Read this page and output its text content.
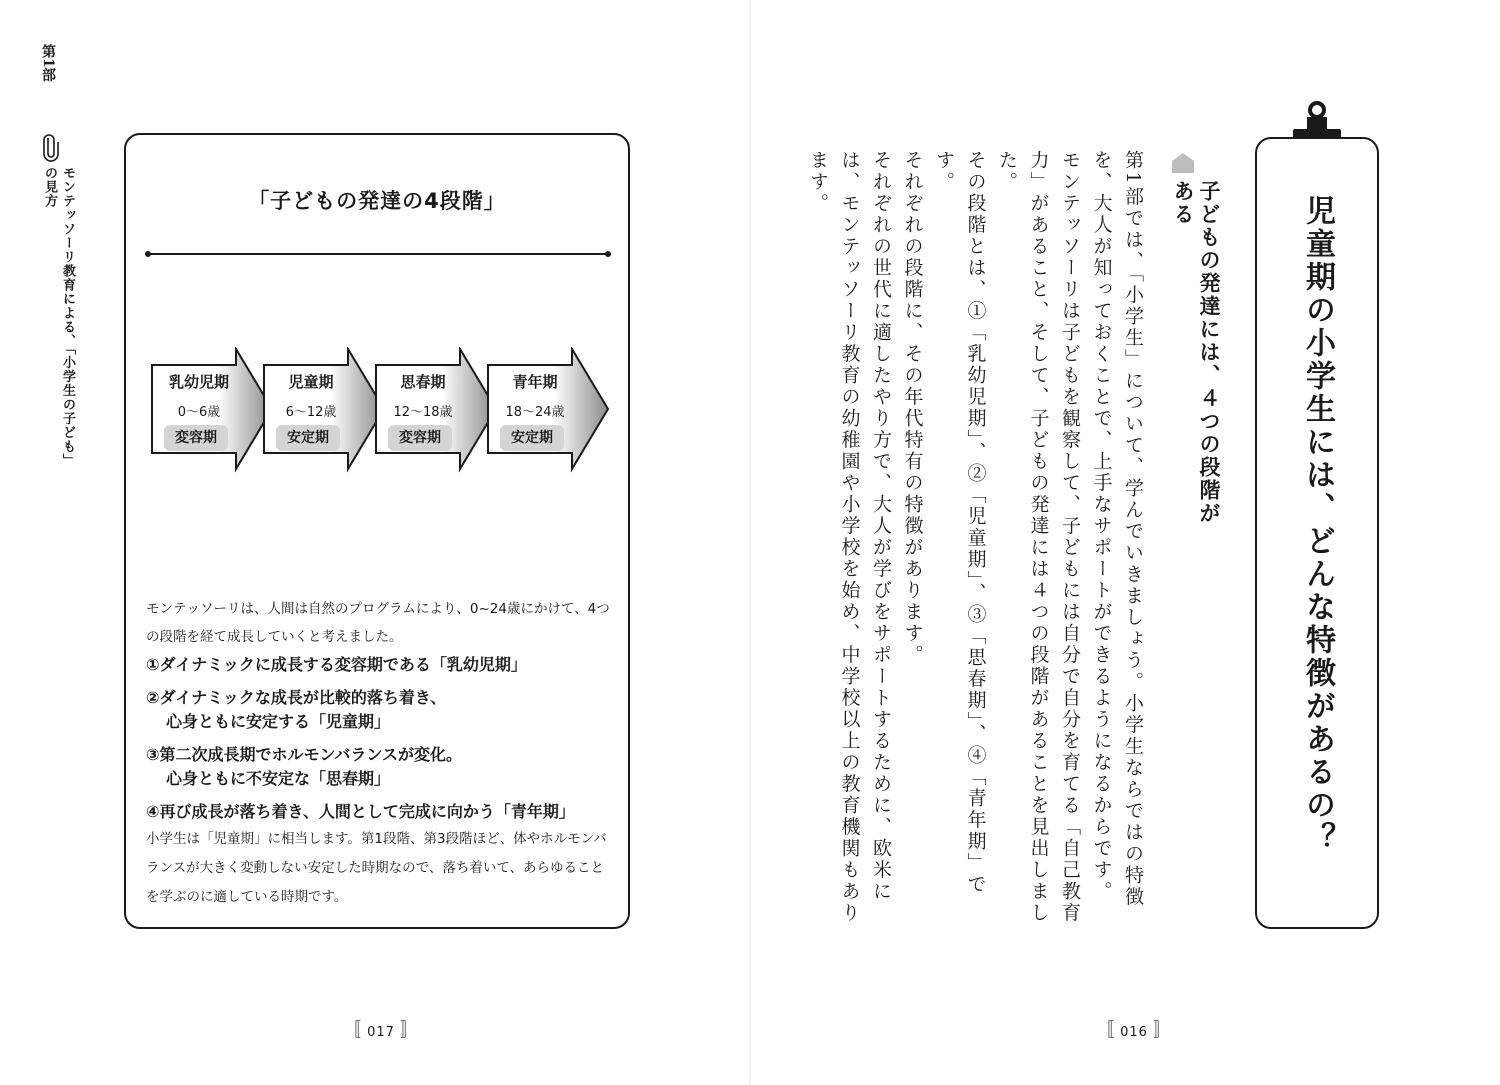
第1部
モンテッソーリ教育による、「小学生の子ども」の見方	「子どもの発達の4段階」
乳幼児期
0〜6歳
変容期
児童期
6〜12歳
安定期
思春期
12〜18歳
変容期
青年期
18〜24歳
安定期
モンテッソーリは、人間は自然のプログラムにより、0~24歳にかけて、4つの段階を経て成長していくと考えました。
①ダイナミックに成長する変容期である「乳幼児期」
②ダイナミックな成長が比較的落ち着き、
心身ともに安定する「児童期」
③第二次成長期でホルモンバランスが変化。
心身ともに不安定な「思春期」
④再び成長が落ち着き、人間として完成に向かう「青年期」
小学生は「児童期」に相当します。第1段階、第3段階ほど、体やホルモンバランスが大きく変動しない安定した時期なので、落ち着いて、あらゆることを学ぶのに適している時期です。
〚 017 〛
児童期の小学生には、どんな特徴があるの？
子どもの発達には、４つの段階がある

第1部では、「小学生」について、学んでいきましょう。小学生ならではの特徴を、大人が知っておくことで、上手なサポートができるようになるからです。

モンテッソーリは子どもを観察して、子どもには自分で自分を育てる「自己教育力」があること、そして、子どもの発達には４つの段階があることを見出しました。

その段階とは、①「乳幼児期」、②「児童期」、③「思春期」、④「青年期」です。

それぞれの段階に、その年代特有の特徴があります。

それぞれの世代に適したやり方で、大人が学びをサポートするために、欧米には、モンテッソーリ教育の幼稚園や小学校を始め、中学校以上の教育機関もあります。

〚 016 〛
